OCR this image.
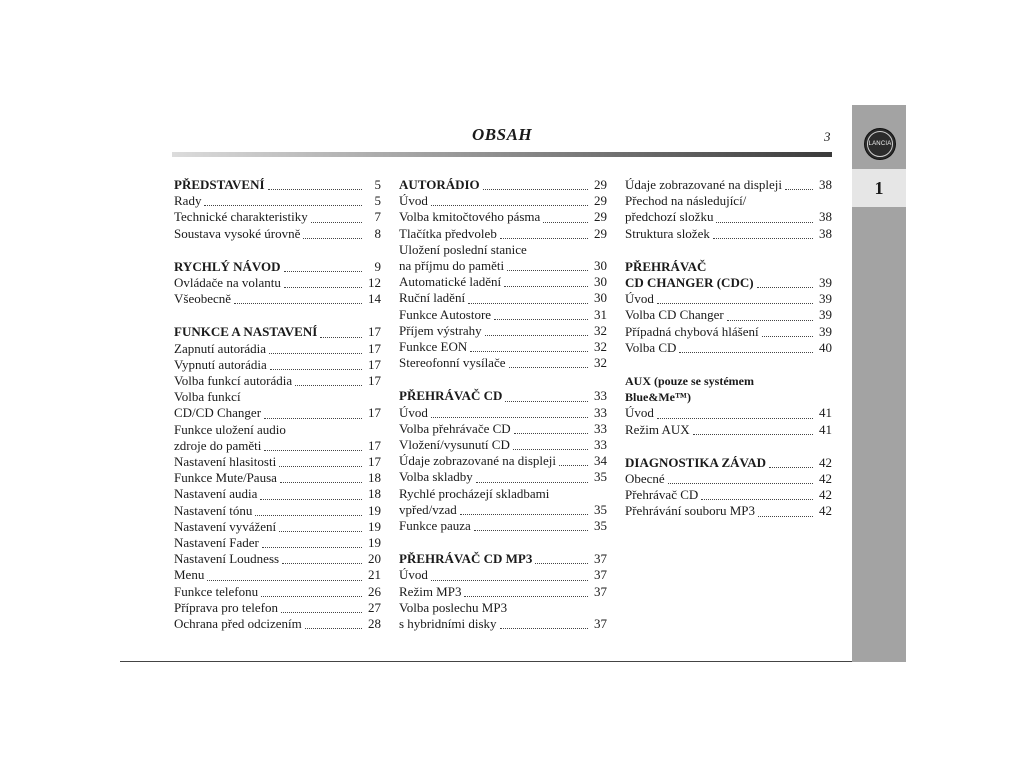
OBSAH	3	LANCIA
1
PŘEDSTAVENÍ	5
Rady	5
Technické charakteristiky	7
Soustava vysoké úrovně	8
RYCHLÝ NÁVOD	9
Ovládače na volantu	12
Všeobecně	14
FUNKCE A NASTAVENÍ	17
Zapnutí autorádia	17
Vypnutí autorádia	17
Volba funkcí autorádia	17
Volba funkcí
CD/CD Changer	17
Funkce uložení audio
zdroje do paměti	17
Nastavení hlasitosti	17
Funkce Mute/Pausa	18
Nastavení audia	18
Nastavení tónu	19
Nastavení vyvážení	19
Nastavení Fader	19
Nastavení Loudness	20
Menu	21
Funkce telefonu	26
Příprava pro telefon	27
Ochrana před odcizením	28
AUTORÁDIO	29
Úvod	29
Volba kmitočtového pásma	29
Tlačítka předvoleb	29
Uložení poslední stanice
na příjmu do paměti	30
Automatické ladění	30
Ruční ladění	30
Funkce Autostore	31
Příjem výstrahy	32
Funkce EON	32
Stereofonní vysílače	32
PŘEHRÁVAČ CD	33
Úvod	33
Volba přehrávače CD	33
Vložení/vysunutí CD	33
Údaje zobrazované na displeji	34
Volba skladby	35
Rychlé procházejí skladbami
vpřed/vzad	35
Funkce pauza	35
PŘEHRÁVAČ CD MP3	37
Úvod	37
Režim MP3	37
Volba poslechu MP3
s hybridními disky	37
Údaje zobrazované na displeji	38
Přechod na následující/
předchozí složku	38
Struktura složek	38
PŘEHRÁVAČ
CD CHANGER (CDC)	39
Úvod	39
Volba CD Changer	39
Případná chybová hlášení	39
Volba CD	40
AUX (pouze se systémem
Blue&Me™)
Úvod	41
Režim AUX	41
DIAGNOSTIKA ZÁVAD	42
Obecné	42
Přehrávač CD	42
Přehrávání souboru MP3	42
